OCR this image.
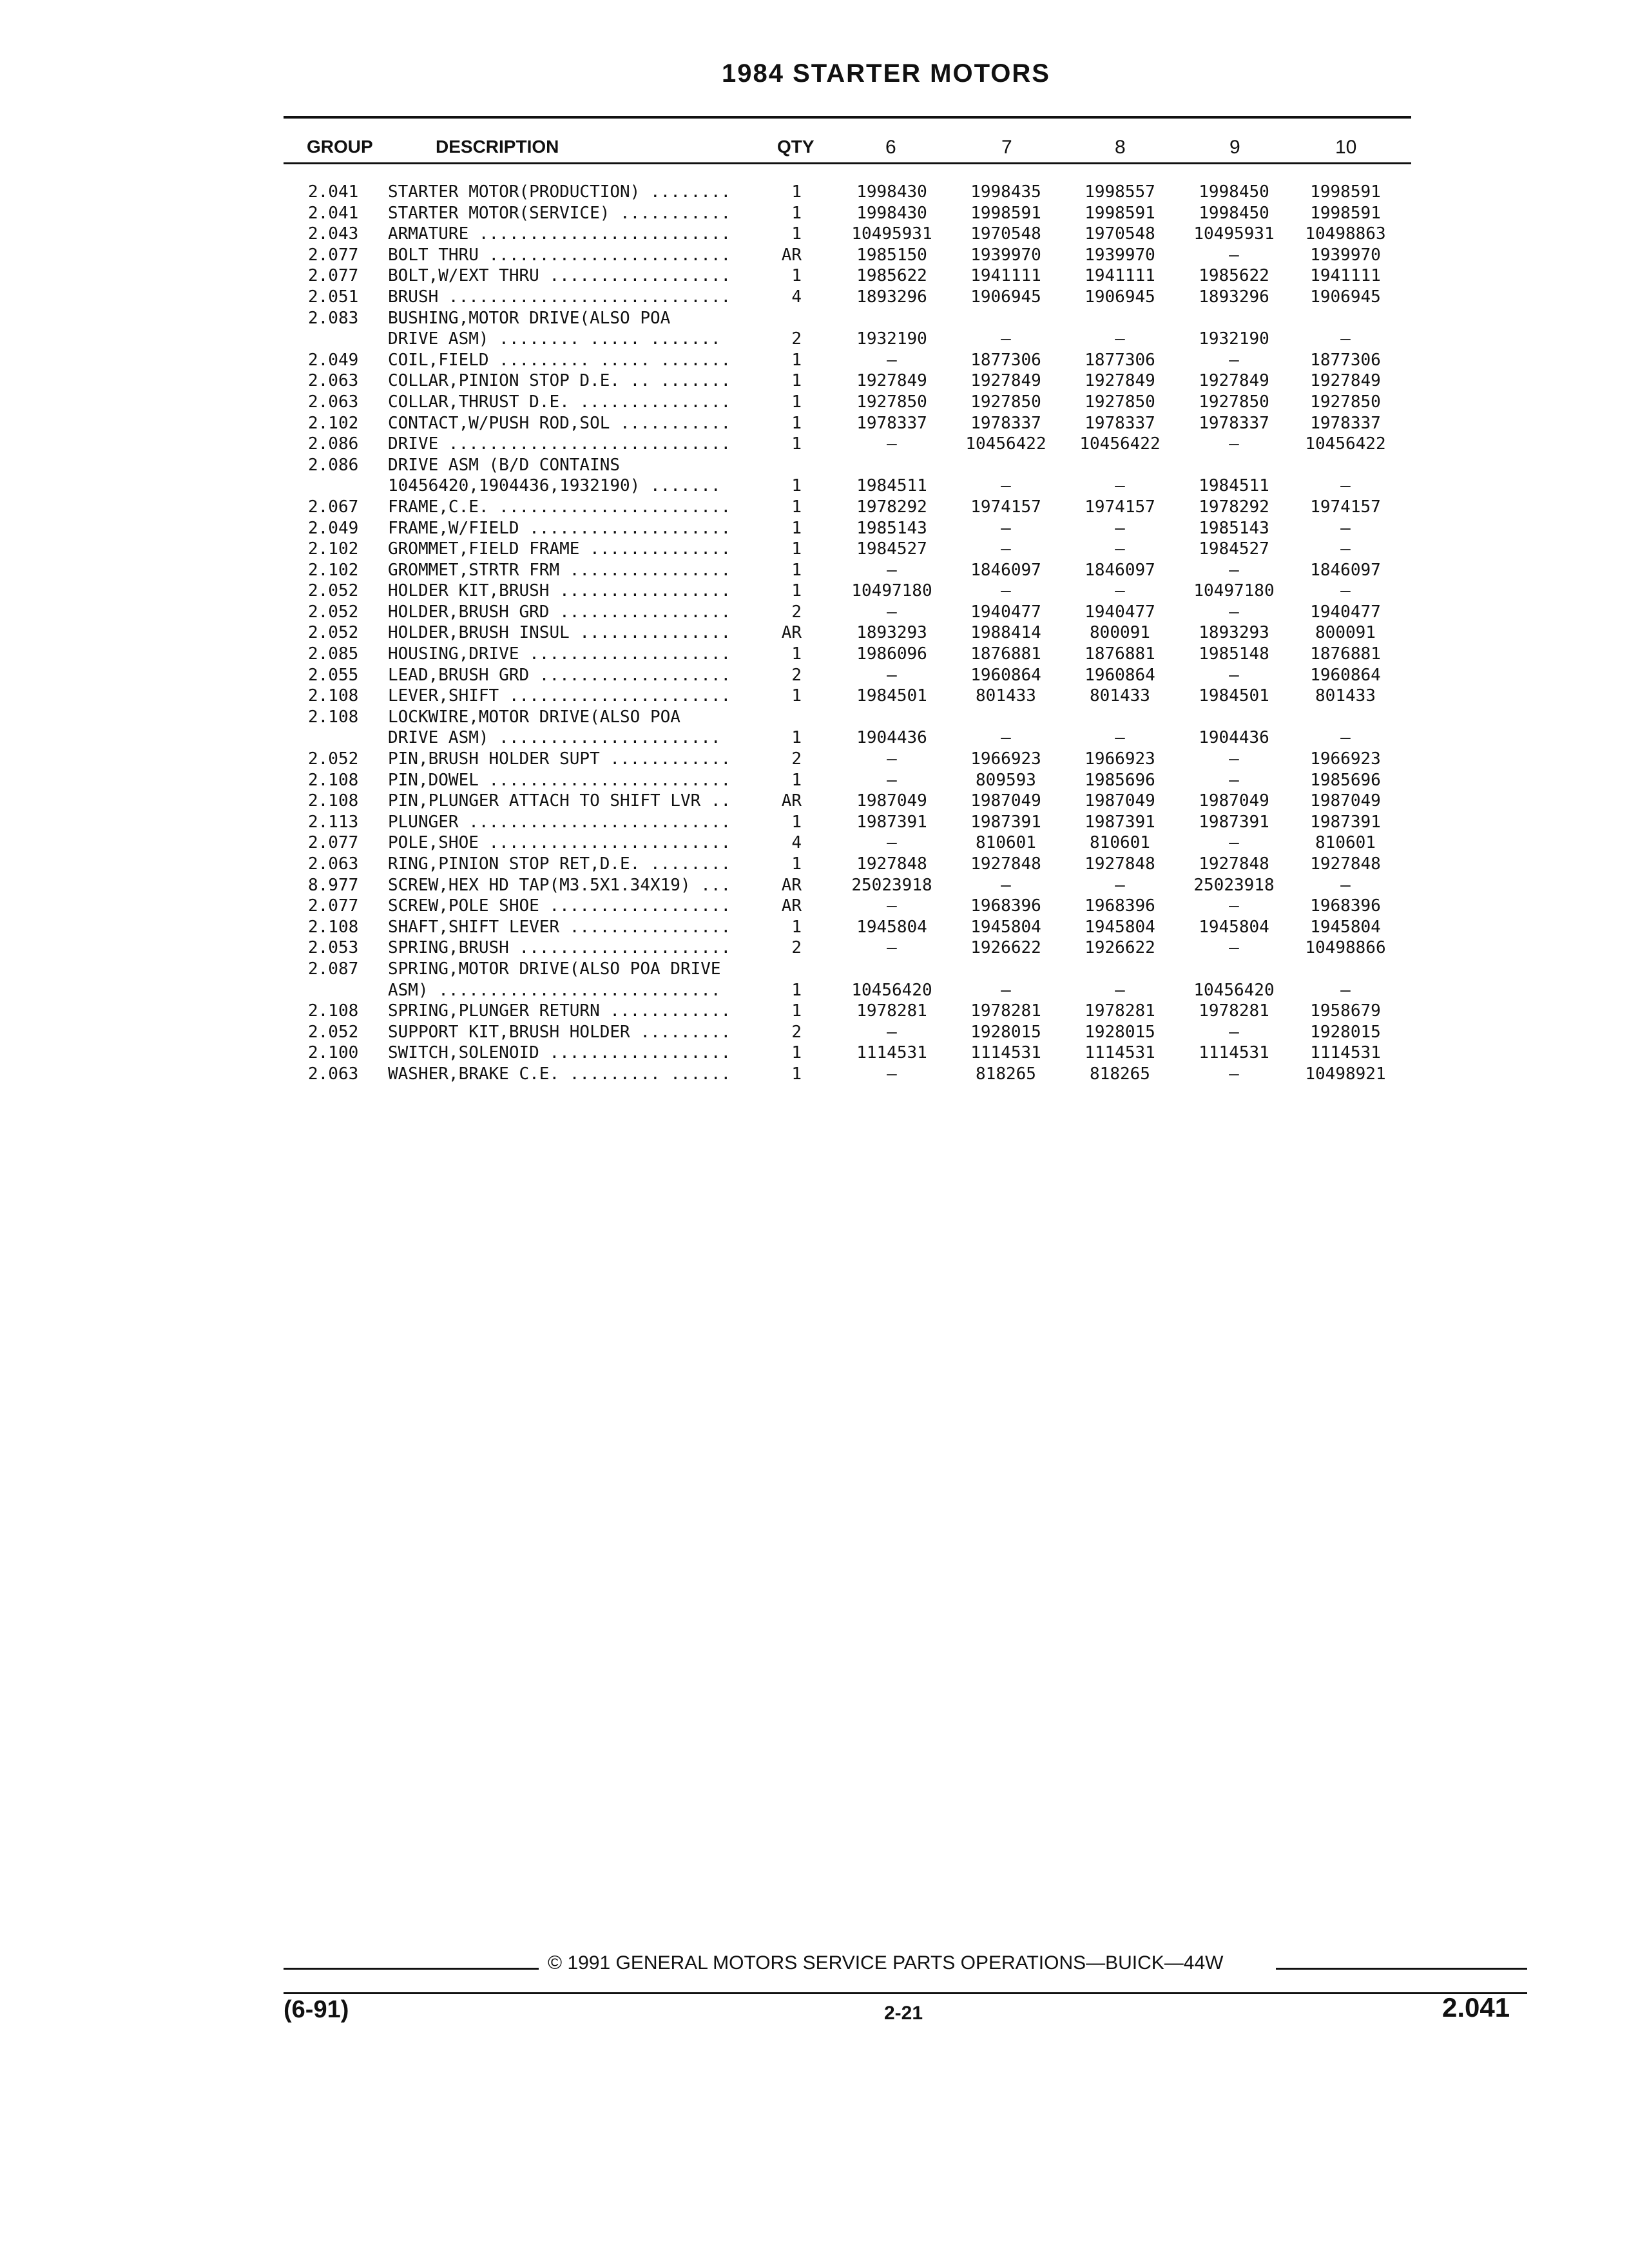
1984 STARTER MOTORS
GROUP	DESCRIPTION	QTY	6	7	8	9	10
2.041 STARTER MOTOR(PRODUCTION) ........	1	1998430	1998435	1998557	1998450	1998591
2.041 STARTER MOTOR(SERVICE) ...........	1	1998430	1998591	1998591	1998450	1998591
2.043 ARMATURE .........................	1	10495931	1970548	1970548	10495931	10498863
2.077 BOLT THRU ........................	AR	1985150	1939970	1939970	—	1939970
2.077 BOLT,W/EXT THRU ..................	1	1985622	1941111	1941111	1985622	1941111
2.051 BRUSH ............................	4	1893296	1906945	1906945	1893296	1906945
2.083 BUSHING,MOTOR DRIVE(ALSO POA
DRIVE ASM) ........ ..... .......	2	1932190	—	—	1932190	—
2.049 COIL,FIELD ......... ..... .......	1	—	1877306	1877306	—	1877306
2.063 COLLAR,PINION STOP D.E. .. .......	1	1927849	1927849	1927849	1927849	1927849
2.063 COLLAR,THRUST D.E. ...............	1	1927850	1927850	1927850	1927850	1927850
2.102 CONTACT,W/PUSH ROD,SOL ...........	1	1978337	1978337	1978337	1978337	1978337
2.086 DRIVE ............................	1	—	10456422	10456422	—	10456422
2.086 DRIVE ASM (B/D CONTAINS
10456420,1904436,1932190) .......	1	1984511	—	—	1984511	—
2.067 FRAME,C.E. .......................	1	1978292	1974157	1974157	1978292	1974157
2.049 FRAME,W/FIELD ....................	1	1985143	—	—	1985143	—
2.102 GROMMET,FIELD FRAME ..............	1	1984527	—	—	1984527	—
2.102 GROMMET,STRTR FRM ................	1	—	1846097	1846097	—	1846097
2.052 HOLDER KIT,BRUSH .................	1	10497180	—	—	10497180	—
2.052 HOLDER,BRUSH GRD .................	2	—	1940477	1940477	—	1940477
2.052 HOLDER,BRUSH INSUL ...............	AR	1893293	1988414	800091	1893293	800091
2.085 HOUSING,DRIVE ....................	1	1986096	1876881	1876881	1985148	1876881
2.055 LEAD,BRUSH GRD ...................	2	—	1960864	1960864	—	1960864
2.108 LEVER,SHIFT ......................	1	1984501	801433	801433	1984501	801433
2.108 LOCKWIRE,MOTOR DRIVE(ALSO POA
DRIVE ASM) ......................	1	1904436	—	—	1904436	—
2.052 PIN,BRUSH HOLDER SUPT ............	2	—	1966923	1966923	—	1966923
2.108 PIN,DOWEL ........................	1	—	809593	1985696	—	1985696
2.108 PIN,PLUNGER ATTACH TO SHIFT LVR ..	AR	1987049	1987049	1987049	1987049	1987049
2.113 PLUNGER ..........................	1	1987391	1987391	1987391	1987391	1987391
2.077 POLE,SHOE ........................	4	—	810601	810601	—	810601
2.063 RING,PINION STOP RET,D.E. ........	1	1927848	1927848	1927848	1927848	1927848
8.977 SCREW,HEX HD TAP(M3.5X1.34X19) ...	AR	25023918	—	—	25023918	—
2.077 SCREW,POLE SHOE ..................	AR	—	1968396	1968396	—	1968396
2.108 SHAFT,SHIFT LEVER ................	1	1945804	1945804	1945804	1945804	1945804
2.053 SPRING,BRUSH .....................	2	—	1926622	1926622	—	10498866
2.087 SPRING,MOTOR DRIVE(ALSO POA DRIVE
ASM) ............................	1	10456420	—	—	10456420	—
2.108 SPRING,PLUNGER RETURN ............	1	1978281	1978281	1978281	1978281	1958679
2.052 SUPPORT KIT,BRUSH HOLDER .........	2	—	1928015	1928015	—	1928015
2.100 SWITCH,SOLENOID ..................	1	1114531	1114531	1114531	1114531	1114531
2.063 WASHER,BRAKE C.E. ......... ......	1	—	818265	818265	—	10498921
© 1991 GENERAL MOTORS SERVICE PARTS OPERATIONS—BUICK—44W
(6-91)	2-21	2.041
